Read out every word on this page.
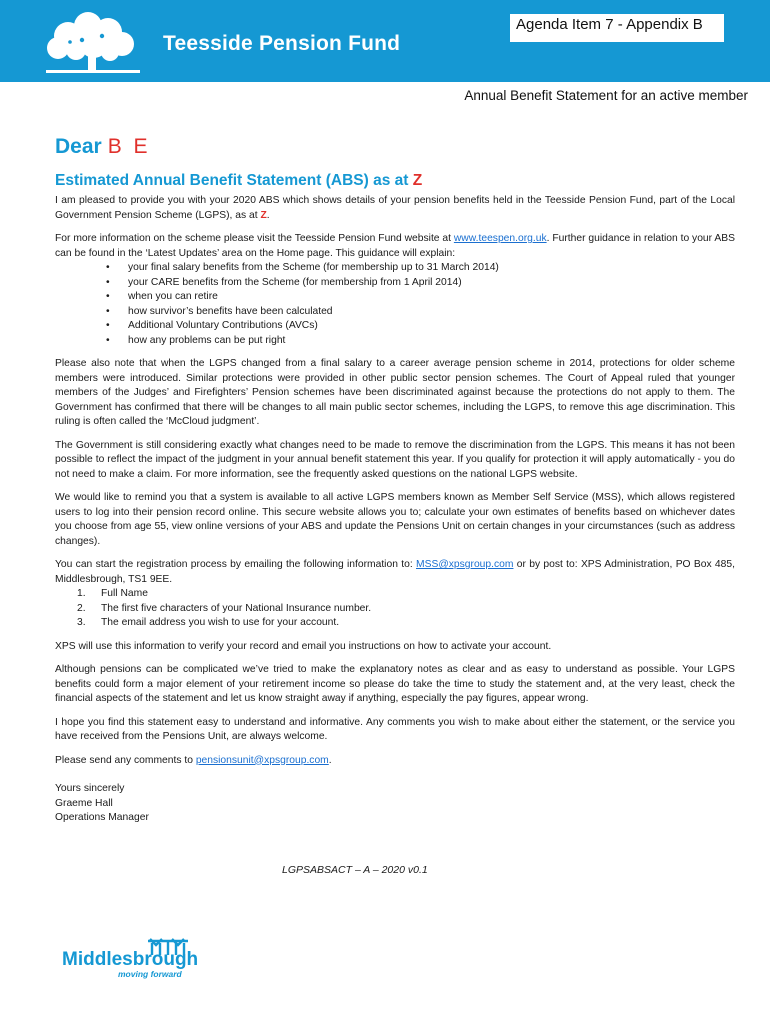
Teesside Pension Fund
Agenda Item 7 - Appendix B
Annual Benefit Statement for an active member
Dear B E
Estimated Annual Benefit Statement (ABS) as at Z

I am pleased to provide you with your 2020 ABS which shows details of your pension benefits held in the Teesside Pension Fund, part of the Local Government Pension Scheme (LGPS), as at Z.

For more information on the scheme please visit the Teesside Pension Fund website at www.teespen.org.uk. Further guidance in relation to your ABS can be found in the ‘Latest Updates’ area on the Home page. This guidance will explain:

• your final salary benefits from the Scheme (for membership up to 31 March 2014)
• your CARE benefits from the Scheme (for membership from 1 April 2014)
• when you can retire
• how survivor’s benefits have been calculated
• Additional Voluntary Contributions (AVCs)
• how any problems can be put right

Please also note that when the LGPS changed from a final salary to a career average pension scheme in 2014, protections for older scheme members were introduced. Similar protections were provided in other public sector pension schemes. The Court of Appeal ruled that younger members of the Judges’ and Firefighters’ Pension schemes have been discriminated against because the protections do not apply to them. The Government has confirmed that there will be changes to all main public sector schemes, including the LGPS, to remove this age discrimination. This ruling is often called the ‘McCloud judgment’.

The Government is still considering exactly what changes need to be made to remove the discrimination from the LGPS. This means it has not been possible to reflect the impact of the judgment in your annual benefit statement this year. If you qualify for protection it will apply automatically - you do not need to make a claim. For more information, see the frequently asked questions on the national LGPS website.

We would like to remind you that a system is available to all active LGPS members known as Member Self Service (MSS), which allows registered users to log into their pension record online. This secure website allows you to; calculate your own estimates of benefits based on whichever dates you choose from age 55, view online versions of your ABS and update the Pensions Unit on certain changes in your circumstances (such as address changes).

You can start the registration process by emailing the following information to: MSS@xpsgroup.com or by post to: XPS Administration, PO Box 485, Middlesbrough, TS1 9EE.

1. Full Name
2. The first five characters of your National Insurance number.
3. The email address you wish to use for your account.

XPS will use this information to verify your record and email you instructions on how to activate your account.

Although pensions can be complicated we’ve tried to make the explanatory notes as clear and as easy to understand as possible. Your LGPS benefits could form a major element of your retirement income so please do take the time to study the statement and, at the very least, check the financial aspects of the statement and let us know straight away if anything, especially the pay figures, appear wrong.

I hope you find this statement easy to understand and informative. Any comments you wish to make about either the statement, or the service you have received from the Pensions Unit, are always welcome.

Please send any comments to pensionsunit@xpsgroup.com.

Yours sincerely

Graeme Hall

Operations Manager

LGPSABSACT – A – 2020 v0.1
Middlesbrough
moving forward
